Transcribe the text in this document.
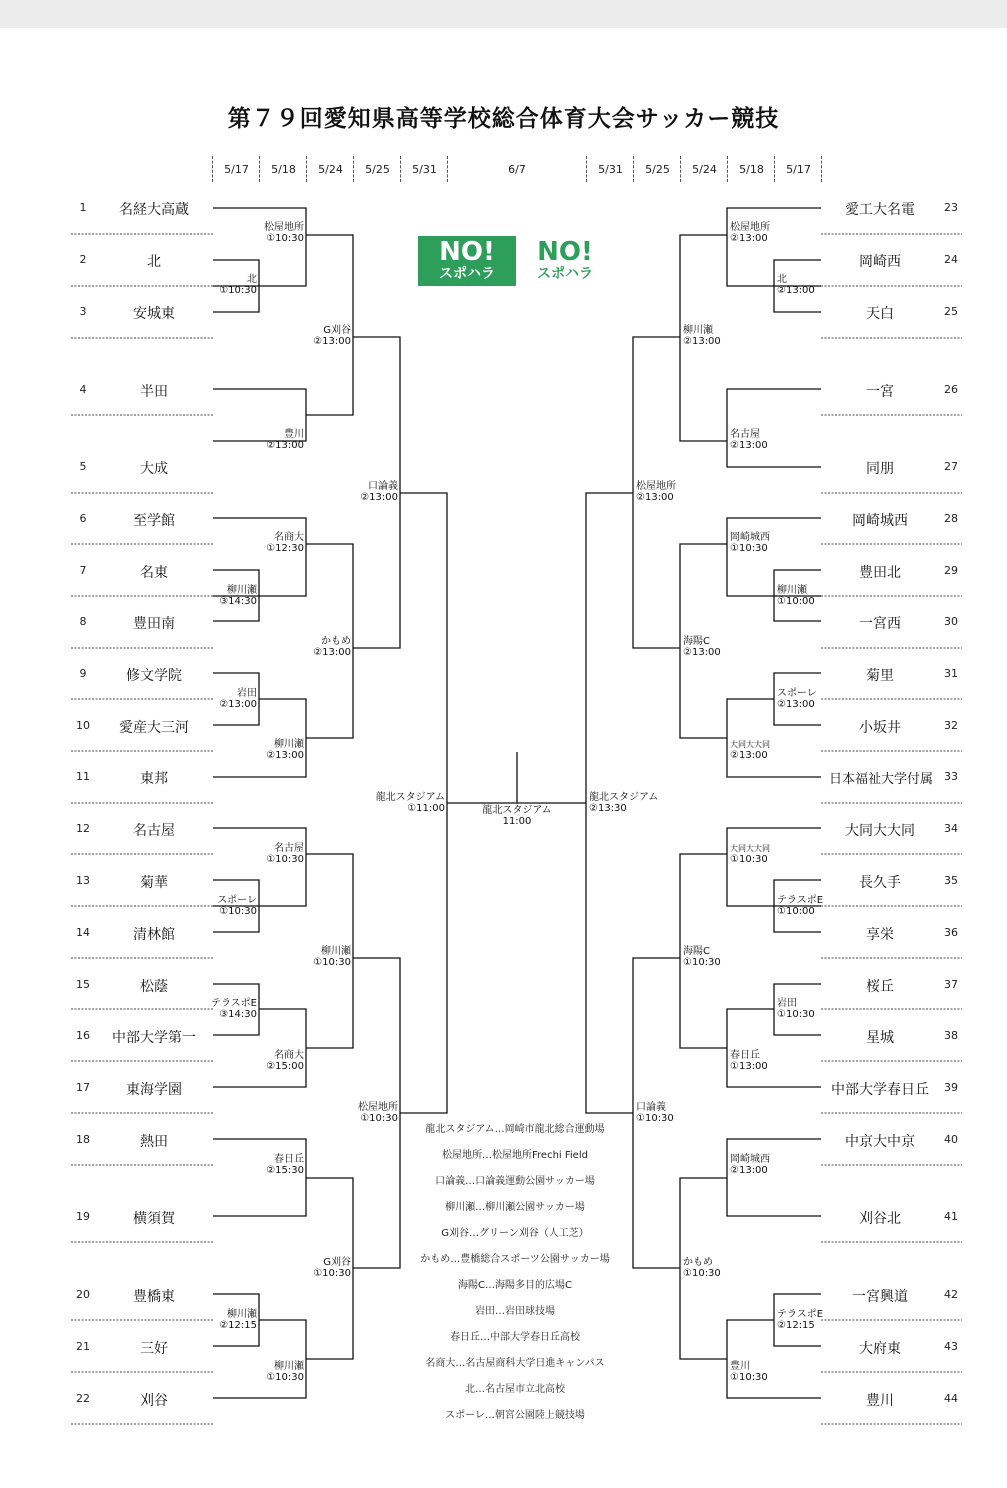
第７９回愛知県高等学校総合体育大会サッカー競技
5/17	5/18	5/24	5/25	5/31	6/7	5/31	5/25	5/24	5/18	5/17
NO!
スポハラ
NO!
スポハラ
1	名経大高蔵
2	北
3	安城東
4	半田
5	大成
6	至学館
7	名東
8	豊田南
9	修文学院
10	愛産大三河
11	東邦
12	名古屋
13	菊華
14	清林館
15	松蔭
16	中部大学第一
17	東海学園
18	熱田
19	横須賀
20	豊橋東
21	三好
22	刈谷
愛工大名電	23
岡崎西	24
天白	25
一宮	26
同朋	27
岡崎城西	28
豊田北	29
一宮西	30
菊里	31
小坂井	32
日本福祉大学付属	33
大同大大同	34
長久手	35
享栄	36
桜丘	37
星城	38
中部大学春日丘	39
中京大中京	40
刈谷北	41
一宮興道	42
大府東	43
豊川	44
松屋地所
①10:30
北
①10:30
G刈谷
②13:00
豊川
②13:00
口論義
②13:00
名商大
①12:30
柳川瀬
③14:30
かもめ
②13:00
岩田
②13:00
柳川瀬
②13:00
龍北スタジアム
①11:00
名古屋
①10:30
スポーレ
①10:30
柳川瀬
①10:30
テラスポE
③14:30
名商大
②15:00
松屋地所
①10:30
春日丘
②15:30
G刈谷
①10:30
柳川瀬
②12:15
柳川瀬
①10:30
松屋地所
②13:00
北
②13:00
柳川瀬
②13:00
名古屋
②13:00
松屋地所
②13:00
岡崎城西
①10:30
柳川瀬
①10:00
海陽C
②13:00
スポーレ
②13:00
大同大大同
②13:00
龍北スタジアム
②13:30
大同大大同
①10:30
テラスポE
①10:00
海陽C
①10:30
岩田
①10:30
春日丘
①13:00
口論義
①10:30
岡崎城西
②13:00
かもめ
①10:30
テラスポE
②12:15
豊川
①10:30
龍北スタジアム
11:00
龍北スタジアム…岡崎市龍北総合運動場
松屋地所…松屋地所Frechi Field
口論義…口論義運動公園サッカー場
柳川瀬…柳川瀬公園サッカー場
G刈谷…グリーン刈谷（人工芝）
かもめ…豊橋総合スポーツ公園サッカー場
海陽C…海陽多目的広場C
岩田…岩田球技場
春日丘…中部大学春日丘高校
名商大…名古屋商科大学日進キャンパス
北…名古屋市立北高校
スポーレ…朝宮公園陸上競技場
